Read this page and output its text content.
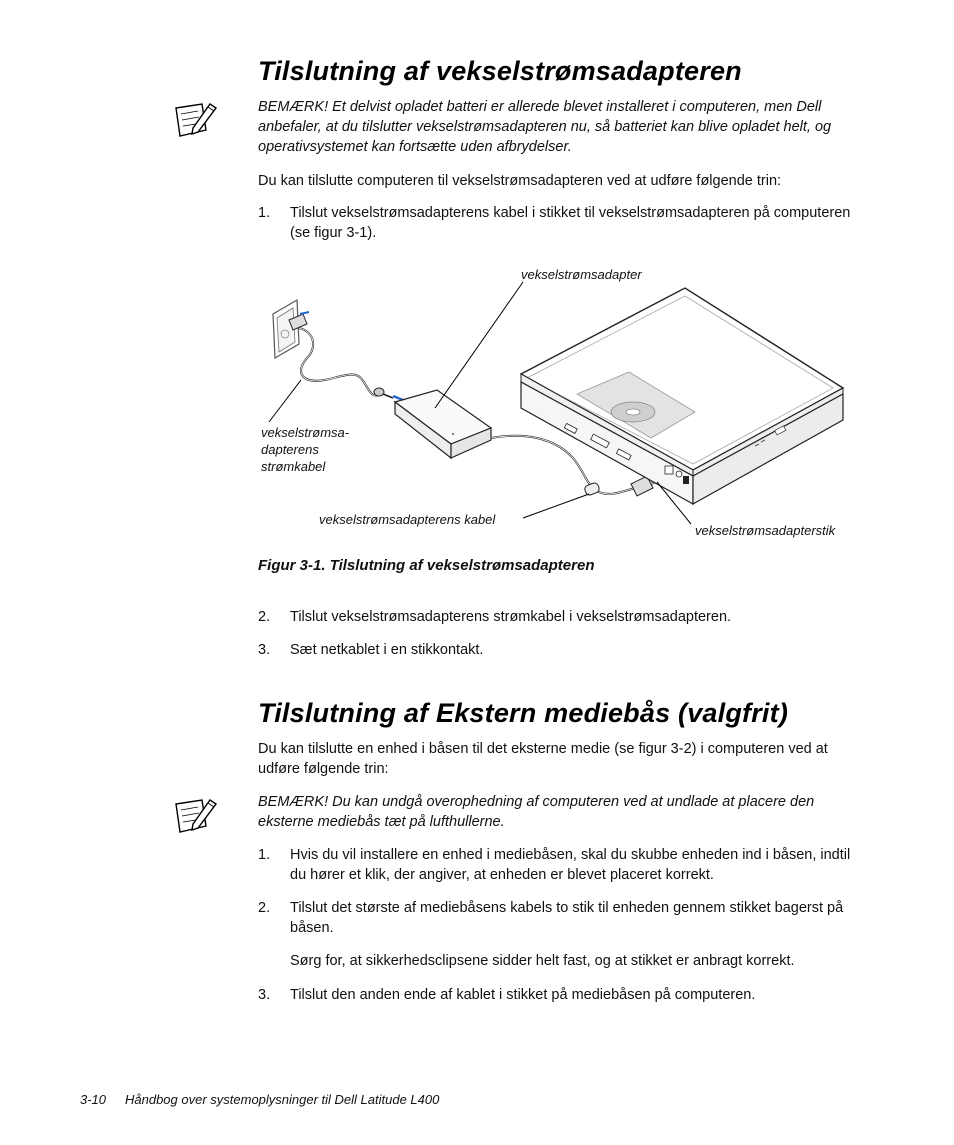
Tilslutning af vekselstrømsadapteren

BEMÆRK! Et delvist opladet batteri er allerede blevet installeret i computeren, men Dell anbefaler, at du tilslutter vekselstrømsadapteren nu, så batteriet kan blive opladet helt, og operativsystemet kan fortsætte uden afbrydelser.

Du kan tilslutte computeren til vekselstrømsadapteren ved at udføre følgende trin:

1. Tilslut vekselstrømsadapterens kabel i stikket til vekselstrømsadapteren på computeren (se figur 3-1).
vekselstrømsadapter
vekselstrømsa-
dapterens
strømkabel
vekselstrømsadapterens kabel
vekselstrømsadapterstik
Figur 3-1. Tilslutning af vekselstrømsadapteren
2. Tilslut vekselstrømsadapterens strømkabel i vekselstrømsadapteren.
3. Sæt netkablet i en stikkontakt.
Tilslutning af Ekstern mediebås (valgfrit)

Du kan tilslutte en enhed i båsen til det eksterne medie (se figur 3-2) i computeren ved at udføre følgende trin:

BEMÆRK! Du kan undgå overophedning af computeren ved at undlade at placere den eksterne mediebås tæt på lufthullerne.

1. Hvis du vil installere en enhed i mediebåsen, skal du skubbe enheden ind i båsen, indtil du hører et klik, der angiver, at enheden er blevet placeret korrekt.
2. Tilslut det største af mediebåsens kabels to stik til enheden gennem stikket bagerst på båsen.

Sørg for, at sikkerhedsclipsene sidder helt fast, og at stikket er anbragt korrekt.

3. Tilslut den anden ende af kablet i stikket på mediebåsen på computeren.
3-10 Håndbog over systemoplysninger til Dell Latitude L400
